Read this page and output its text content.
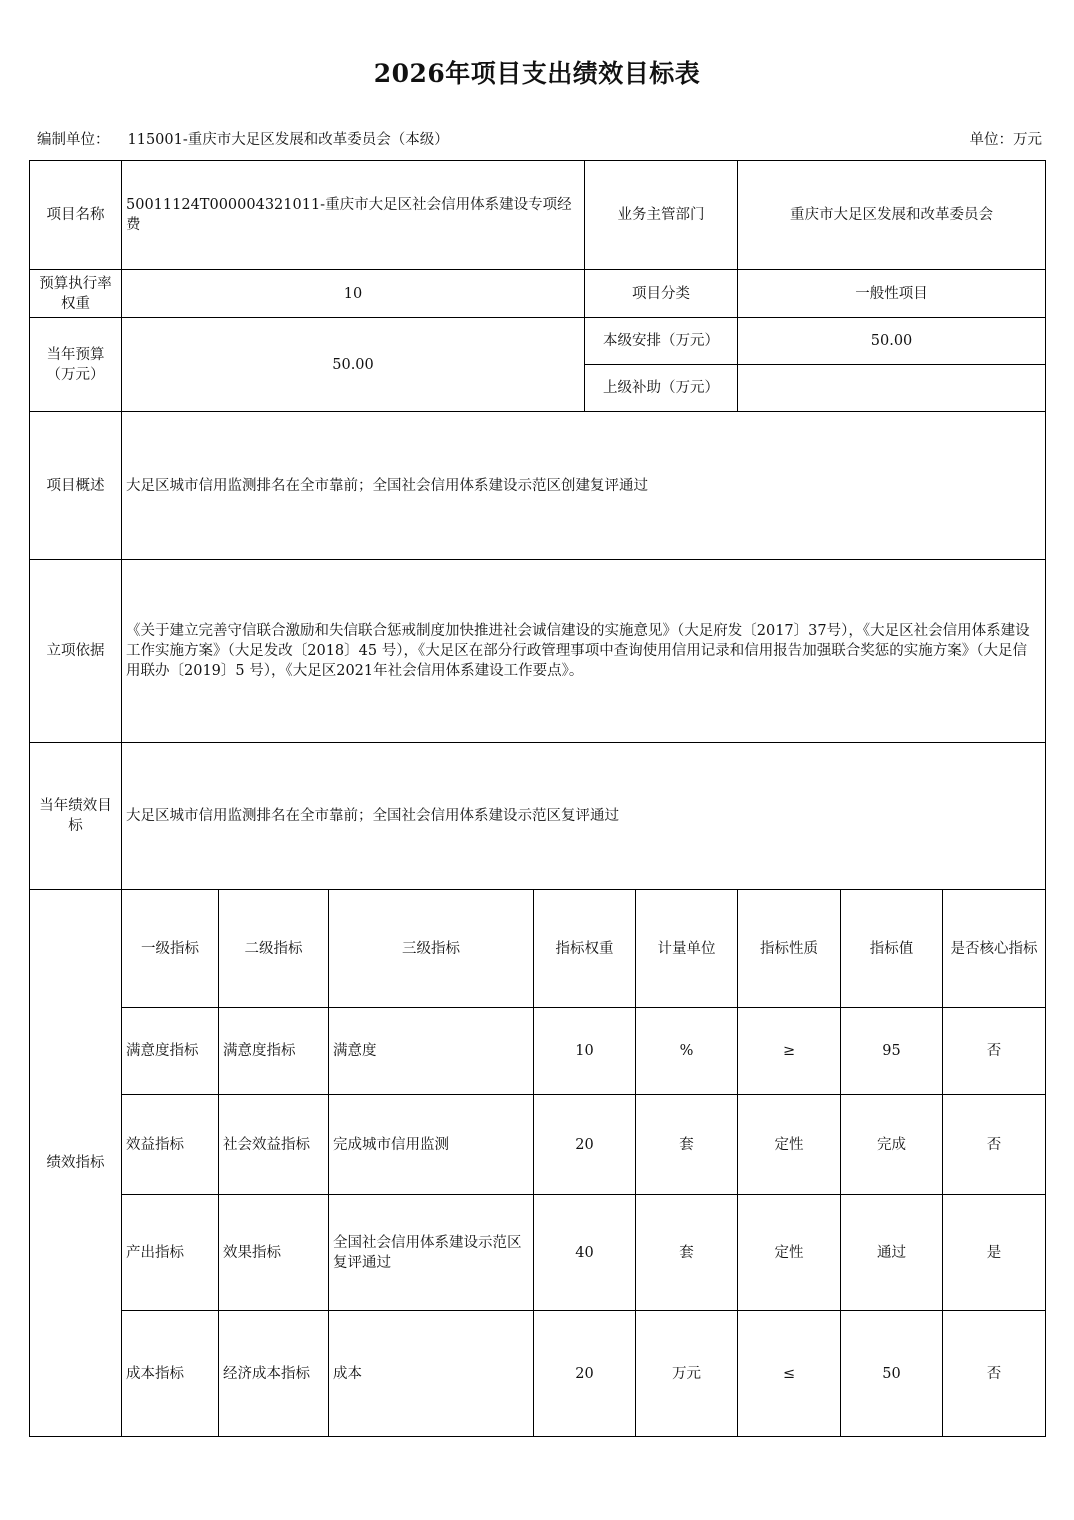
2026年项目支出绩效目标表
编制单位： 115001-重庆市大足区发展和改革委员会（本级）	单位：万元
项目名称	50011124T000004321011-重庆市大足区社会信用体系建设专项经费				业务主管部门		重庆市大足区发展和改革委员会		
预算执行率权重	10				项目分类		一般性项目		
当年预算（万元）	50.00				本级安排（万元）		50.00		
					上级补助（万元）				
项目概述	大足区城市信用监测排名在全市靠前；全国社会信用体系建设示范区创建复评通过								
立项依据	《关于建立完善守信联合激励和失信联合惩戒制度加快推进社会诚信建设的实施意见》（大足府发〔2017〕37号），《大足区社会信用体系建设工作实施方案》（大足发改〔2018〕45 号），《大足区在部分行政管理事项中查询使用信用记录和信用报告加强联合奖惩的实施方案》（大足信用联办〔2019〕5 号），《大足区2021年社会信用体系建设工作要点》。								
当年绩效目标	大足区城市信用监测排名在全市靠前；全国社会信用体系建设示范区复评通过								
绩效指标	一级指标	二级指标	三级指标	指标权重		计量单位	指标性质	指标值	是否核心指标
	满意度指标	满意度指标	满意度	10		%	≥	95	否
	效益指标	社会效益指标	完成城市信用监测	20		套	定性	完成	否
	产出指标	效果指标	全国社会信用体系建设示范区复评通过	40		套	定性	通过	是
	成本指标	经济成本指标	成本	20		万元	≤	50	否
